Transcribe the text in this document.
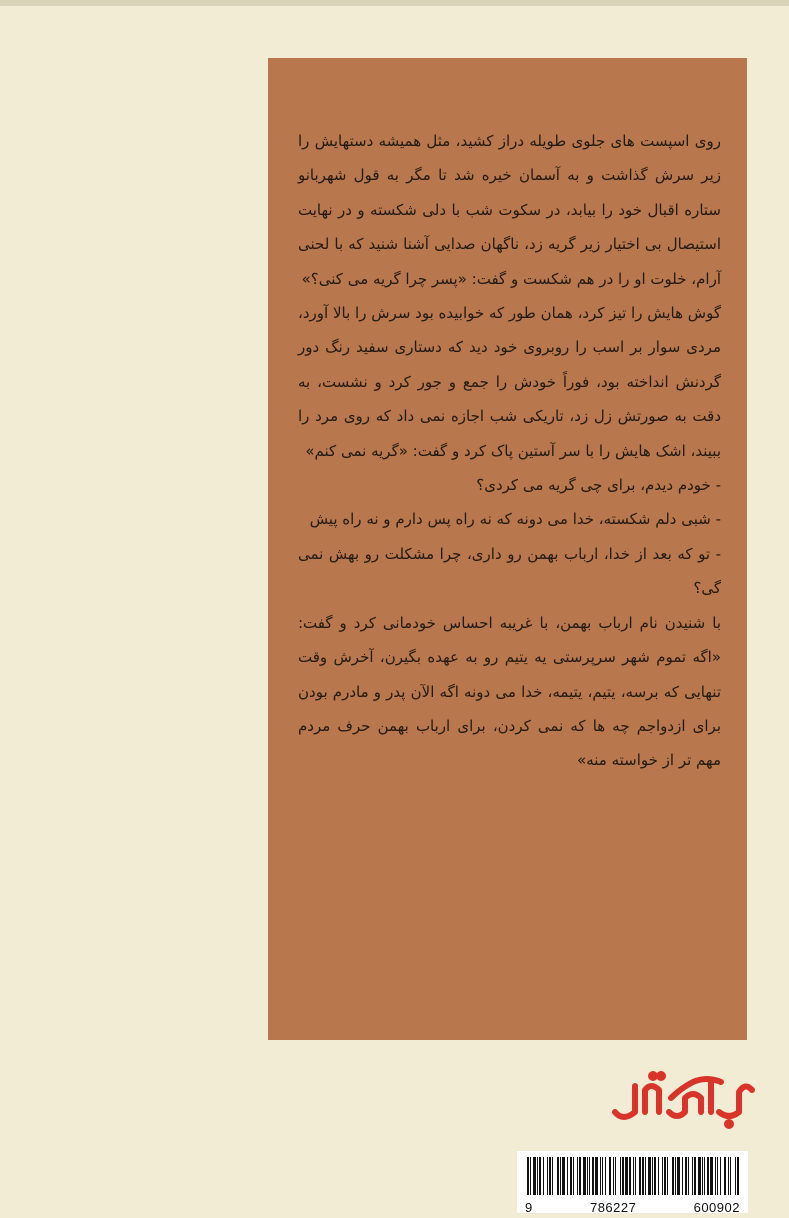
روی اسپست های جلوی طویله دراز کشید، مثل همیشه دستهایش را زیر سرش گذاشت و به آسمان خیره شد تا مگر به قول شهربانو ستاره اقبال خود را بیابد، در سکوت شب با دلی شکسته و در نهایت استیصال بی اختیار زیر گریه زد، ناگهان صدایی آشنا شنید که با لحنی آرام، خلوت او را در هم شکست و گفت: «پسر چرا گریه می کنی؟»

گوش هایش را تیز کرد، همان طور که خوابیده بود سرش را بالا آورد، مردی سوار بر اسب را روبروی خود دید که دستاری سفید رنگ دور گردنش انداخته بود، فوراً خودش را جمع و جور کرد و نشست، به دقت به صورتش زل زد، تاریکی شب اجازه نمی داد که روی مرد را ببیند، اشک هایش را با سر آستین پاک کرد و گفت: «گریه نمی کنم»

- خودم دیدم، برای چی گریه می کردی؟

- شبی دلم شکسته، خدا می دونه که نه راه پس دارم و نه راه پیش

- تو که بعد از خدا، ارباب بهمن رو داری، چرا مشکلت رو بهش نمی گی؟

با شنیدن نام ارباب بهمن، با غریبه احساس خودمانی کرد و گفت: «اگه تموم شهر سرپرستی یه یتیم رو به عهده بگیرن، آخرش وقت تنهایی که برسه، یتیم، یتیمه، خدا می دونه اگه الآن پدر و مادرم بودن برای ازدواجم چه ها که نمی کردن، برای ارباب بهمن حرف مردم مهم تر از خواسته منه»

9	786227	600902
